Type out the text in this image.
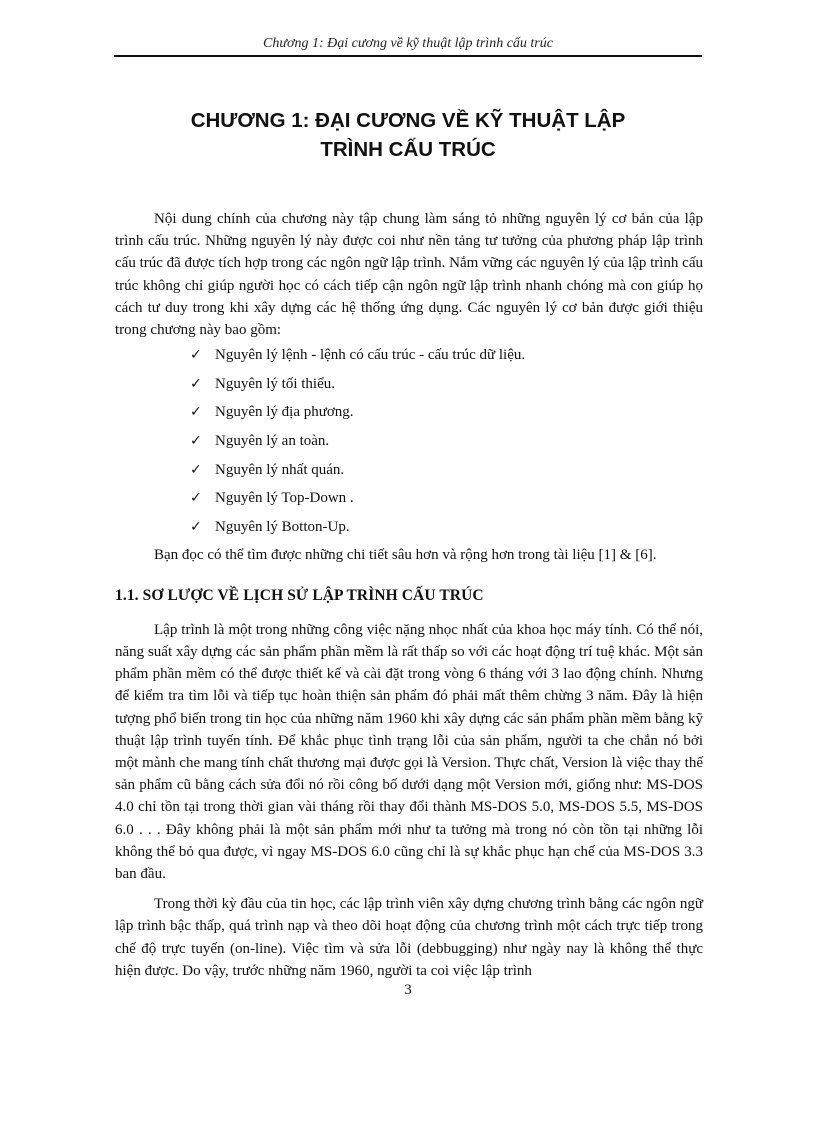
Chương 1: Đại cương về kỹ thuật lập trình cấu trúc
CHƯƠNG 1: ĐẠI CƯƠNG VỀ KỸ THUẬT LẬP
TRÌNH CẤU TRÚC

Nội dung chính của chương này tập chung làm sáng tỏ những nguyên lý cơ bản của lập trình cấu trúc. Những nguyên lý này được coi như nền tảng tư tưởng của phương pháp lập trình cấu trúc đã được tích hợp trong các ngôn ngữ lập trình. Nắm vững các nguyên lý của lập trình cấu trúc không chỉ giúp người học có cách tiếp cận ngôn ngữ lập trình nhanh chóng mà con giúp họ cách tư duy trong khi xây dựng các hệ thống ứng dụng. Các nguyên lý cơ bản được giới thiệu trong chương này bao gồm:

✓ Nguyên lý lệnh - lệnh có cấu trúc - cấu trúc dữ liệu.
✓ Nguyên lý tối thiểu.
✓ Nguyên lý địa phương.
✓ Nguyên lý an toàn.
✓ Nguyên lý nhất quán.
✓ Nguyên lý Top-Down .
✓ Nguyên lý Botton-Up.

Bạn đọc có thể tìm được những chi tiết sâu hơn và rộng hơn trong tài liệu [1] & [6].

1.1. SƠ LƯỢC VỀ LỊCH SỬ LẬP TRÌNH CẤU TRÚC

Lập trình là một trong những công việc nặng nhọc nhất của khoa học máy tính. Có thể nói, năng suất xây dựng các sản phẩm phần mềm là rất thấp so với các hoạt động trí tuệ khác. Một sản phẩm phần mềm có thể được thiết kế và cài đặt trong vòng 6 tháng với 3 lao động chính. Nhưng để kiểm tra tìm lỗi và tiếp tục hoàn thiện sản phẩm đó phải mất thêm chừng 3 năm. Đây là hiện tượng phổ biến trong tin học của những năm 1960 khi xây dựng các sản phẩm phần mềm bằng kỹ thuật lập trình tuyến tính. Để khắc phục tình trạng lỗi của sản phẩm, người ta che chắn nó bởi một mành che mang tính chất thương mại được gọi là Version. Thực chất, Version là việc thay thế sản phẩm cũ bằng cách sửa đổi nó rồi công bố dưới dạng một Version mới, giống như: MS-DOS 4.0 chỉ tồn tại trong thời gian vài tháng rồi thay đổi thành MS-DOS 5.0, MS-DOS 5.5, MS-DOS 6.0 . . . Đây không phải là một sản phẩm mới như ta tưởng mà trong nó còn tồn tại những lỗi không thể bỏ qua được, vì ngay MS-DOS 6.0 cũng chỉ là sự khắc phục hạn chế của MS-DOS 3.3 ban đầu.

Trong thời kỳ đầu của tin học, các lập trình viên xây dựng chương trình bằng các ngôn ngữ lập trình bậc thấp, quá trình nạp và theo dõi hoạt động của chương trình một cách trực tiếp trong chế độ trực tuyến (on-line). Việc tìm và sửa lỗi (debbugging) như ngày nay là không thể thực hiện được. Do vậy, trước những năm 1960, người ta coi việc lập trình

3
